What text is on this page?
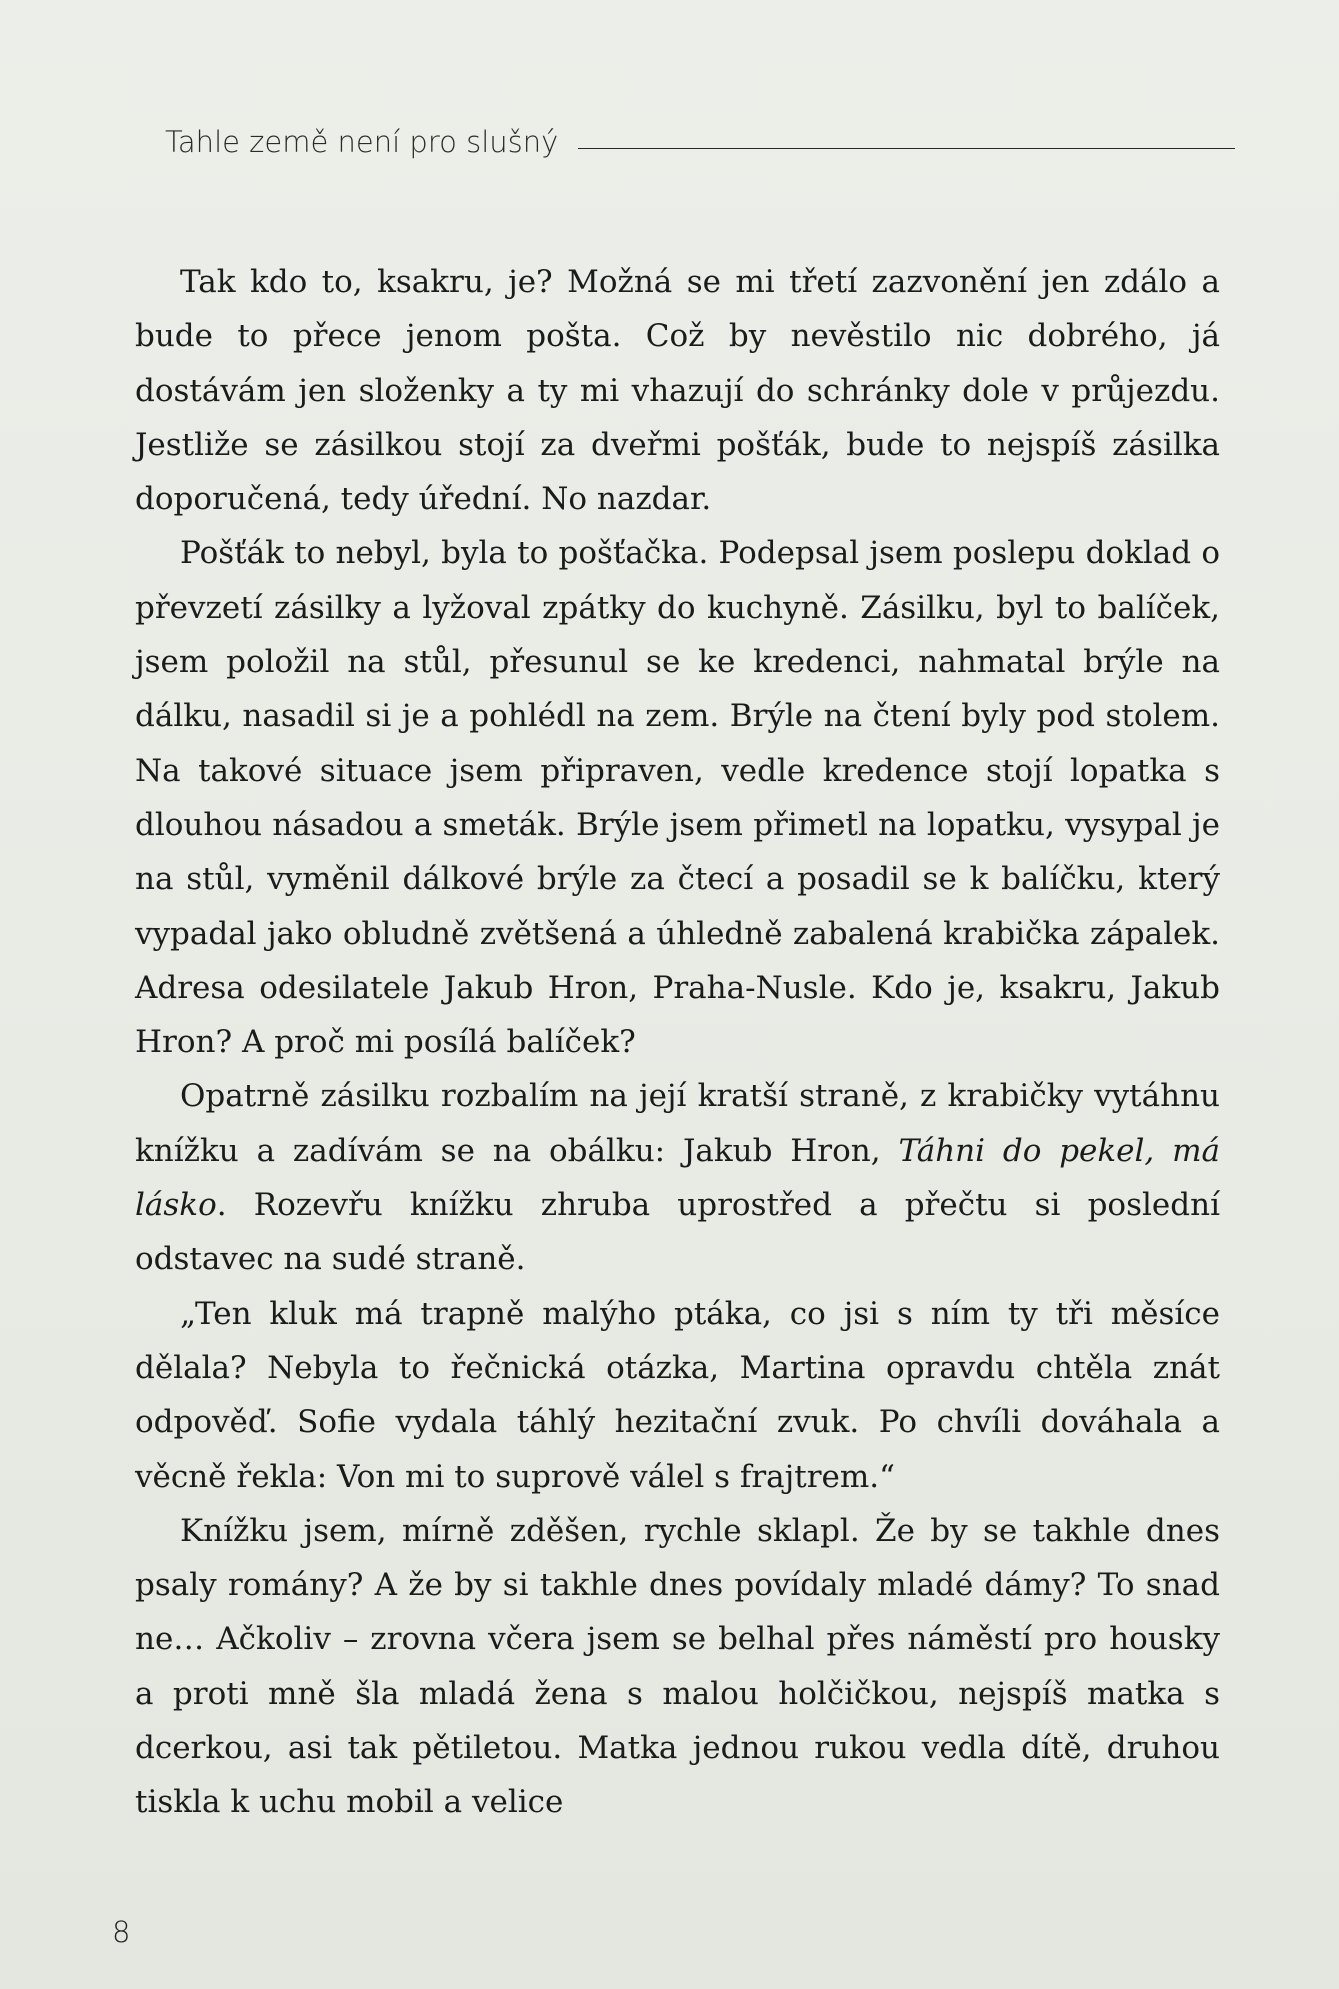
Tahle země není pro slušný

Tak kdo to, ksakru, je? Možná se mi třetí zazvonění jen zdálo a bude to přece jenom pošta. Což by nevěstilo nic dobrého, já dostávám jen složenky a ty mi vhazují do schránky dole v průjezdu. Jestliže se zásilkou stojí za dveřmi pošťák, bude to nejspíš zásilka doporučená, tedy úřední. No nazdar.

Pošťák to nebyl, byla to pošťačka. Podepsal jsem poslepu doklad o převzetí zásilky a lyžoval zpátky do kuchyně. Zásilku, byl to balíček, jsem položil na stůl, přesunul se ke kredenci, nahmatal brýle na dálku, nasadil si je a pohlédl na zem. Brýle na čtení byly pod stolem. Na takové situace jsem připraven, vedle kredence stojí lopatka s dlouhou násadou a smeták. Brýle jsem přimetl na lopatku, vysypal je na stůl, vyměnil dálkové brýle za čtecí a posadil se k balíčku, který vypadal jako obludně zvětšená a úhledně zabalená krabička zápalek. Adresa odesilatele Jakub Hron, Praha-Nusle. Kdo je, ksakru, Jakub Hron? A proč mi posílá balíček?

Opatrně zásilku rozbalím na její kratší straně, z krabičky vytáhnu knížku a zadívám se na obálku: Jakub Hron, Táhni do pekel, má lásko. Rozevřu knížku zhruba uprostřed a přečtu si poslední odstavec na sudé straně.

„Ten kluk má trapně malýho ptáka, co jsi s ním ty tři měsíce dělala? Nebyla to řečnická otázka, Martina opravdu chtěla znát odpověď. Sofie vydala táhlý hezitační zvuk. Po chvíli dováhala a věcně řekla: Von mi to suprově válel s frajtrem.“

Knížku jsem, mírně zděšen, rychle sklapl. Že by se takhle dnes psaly romány? A že by si takhle dnes povídaly mladé dámy? To snad ne… Ačkoliv – zrovna včera jsem se belhal přes náměstí pro housky a proti mně šla mladá žena s malou holčičkou, nejspíš matka s dcerkou, asi tak pětiletou. Matka jednou rukou vedla dítě, druhou tiskla k uchu mobil a velice

8
